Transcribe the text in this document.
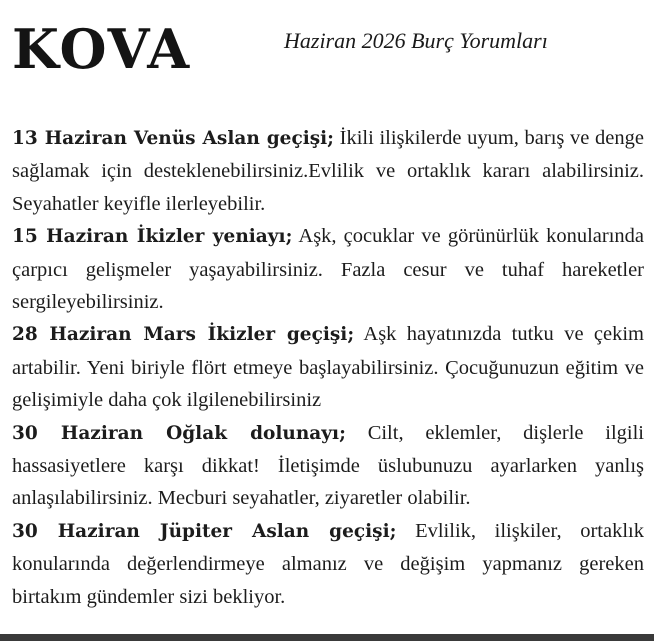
KOVA	Haziran 2026 Burç Yorumları

13 Haziran Venüs Aslan geçişi; İkili ilişkilerde uyum, barış ve denge sağlamak için desteklenebilirsiniz.Evlilik ve ortaklık kararı alabilirsiniz. Seyahatler keyifle ilerleyebilir.

15 Haziran İkizler yeniayı; Aşk, çocuklar ve görünürlük konularında çarpıcı gelişmeler yaşayabilirsiniz. Fazla cesur ve tuhaf hareketler sergileyebilirsiniz.

28 Haziran Mars İkizler geçişi; Aşk hayatınızda tutku ve çekim artabilir. Yeni biriyle flört etmeye başlayabilirsiniz. Çocuğunuzun eğitim ve gelişimiyle daha çok ilgilenebilirsiniz

30 Haziran Oğlak dolunayı; Cilt, eklemler, dişlerle ilgili hassasiyetlere karşı dikkat! İletişimde üslubunuzu ayarlarken yanlış anlaşılabilirsiniz. Mecburi seyahatler, ziyaretler olabilir.

30 Haziran Jüpiter Aslan geçişi; Evlilik, ilişkiler, ortaklık konularında değerlendirmeye almanız ve değişim yapmanız gereken birtakım gündemler sizi bekliyor.
